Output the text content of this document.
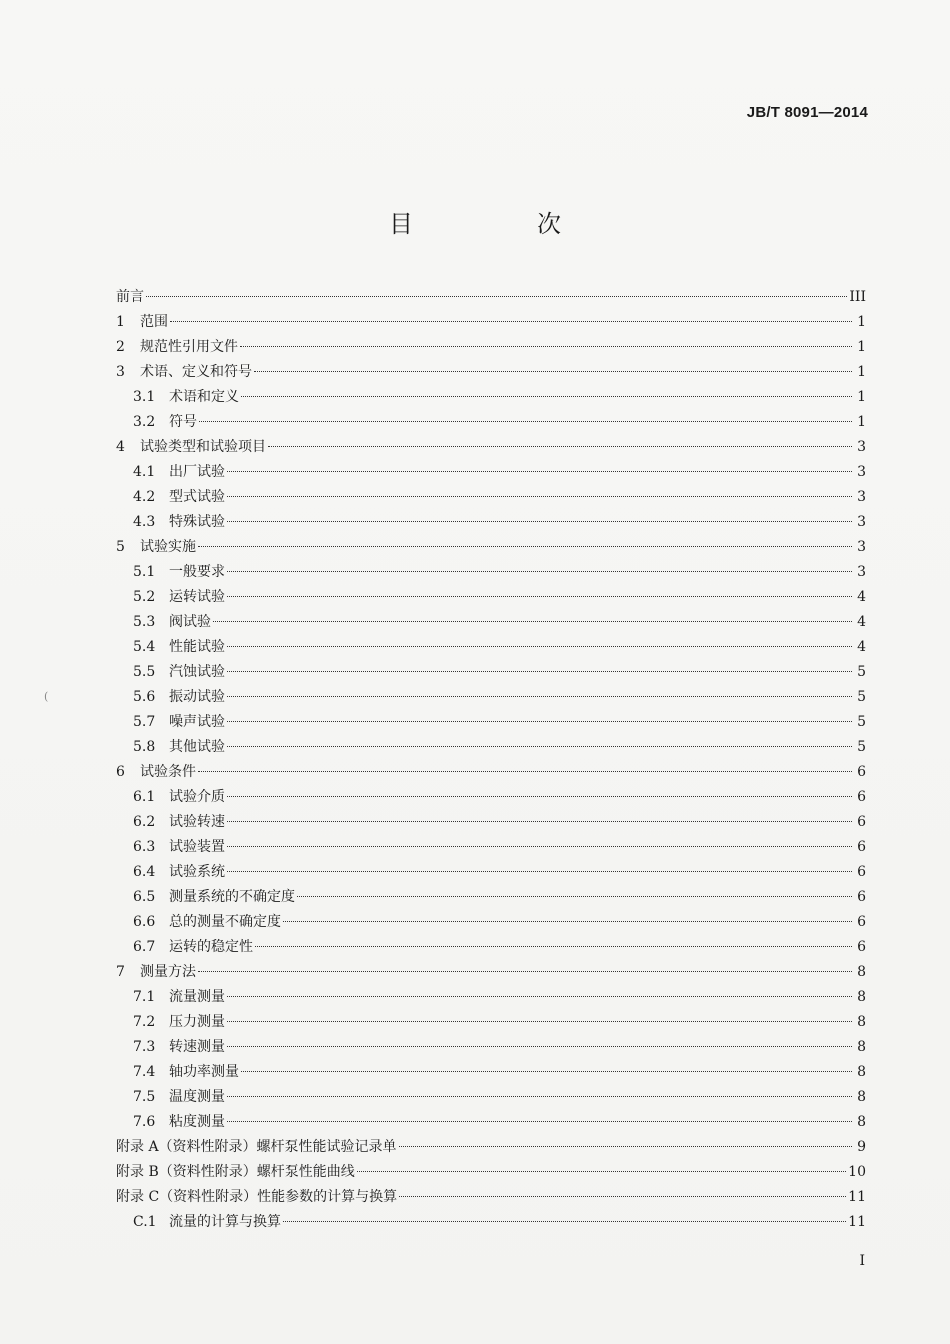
JB/T 8091—2014
目　次
前言	III
1	范围	1
2	规范性引用文件	1
3	术语、定义和符号	1
3.1 术语和定义	1
3.2 符号	1
4	试验类型和试验项目	3
4.1 出厂试验	3
4.2 型式试验	3
4.3 特殊试验	3
5	试验实施	3
5.1 一般要求	3
5.2 运转试验	4
5.3 阀试验	4
5.4 性能试验	4
5.5 汽蚀试验	5
5.6 振动试验	5
5.7 噪声试验	5
5.8 其他试验	5
6	试验条件	6
6.1 试验介质	6
6.2 试验转速	6
6.3 试验装置	6
6.4 试验系统	6
6.5 测量系统的不确定度	6
6.6 总的测量不确定度	6
6.7 运转的稳定性	6
7	测量方法	8
7.1 流量测量	8
7.2 压力测量	8
7.3 转速测量	8
7.4 轴功率测量	8
7.5 温度测量	8
7.6 粘度测量	8
附录 A（资料性附录）螺杆泵性能试验记录单	9
附录 B（资料性附录）螺杆泵性能曲线	10
附录 C（资料性附录）性能参数的计算与换算	11
C.1 流量的计算与换算	11
(
I
